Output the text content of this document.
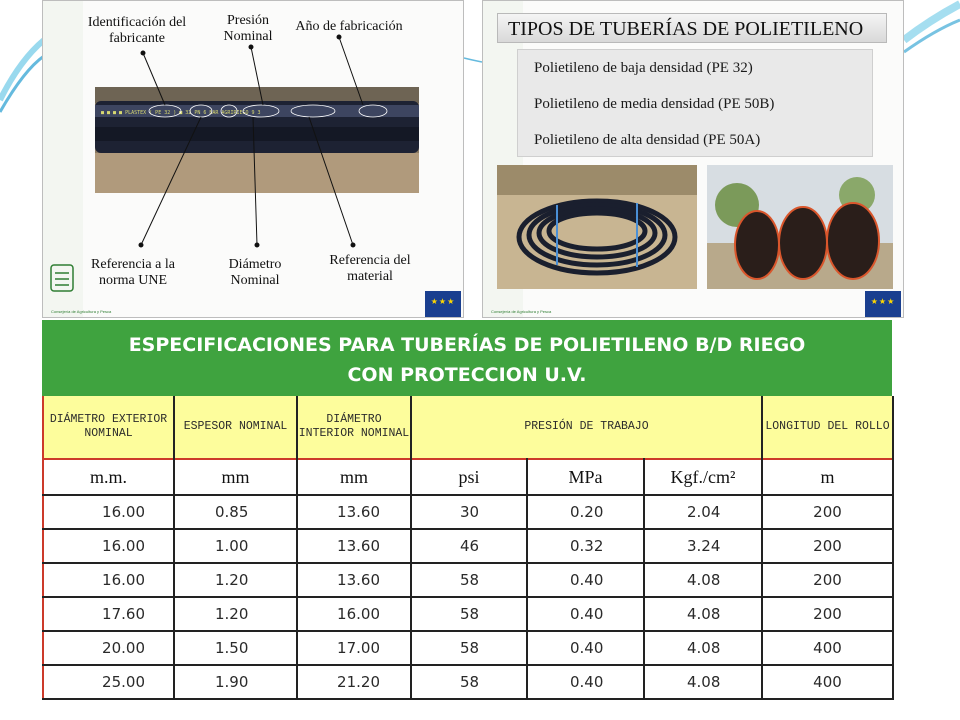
Identificación del fabricante
Presión Nominal
Año de fabricación
■ ■ ■ ■ PLASTEX ( PE 32 ) ■ 32 PN 6 BAR AGRIRIEGO 9 3
Referencia a la norma UNE
Diámetro Nominal
Referencia del material
Consejería de Agricultura y Pesca
★★★
TIPOS DE TUBERÍAS DE POLIETILENO
Polietileno de baja densidad (PE 32)
Polietileno de media densidad (PE 50B)
Polietileno de alta densidad (PE 50A)
Consejería de Agricultura y Pesca
★★★
ESPECIFICACIONES PARA TUBERÍAS DE POLIETILENO B/D RIEGO
CON PROTECCION U.V.
DIÁMETRO EXTERIOR NOMINAL	ESPESOR NOMINAL	DIÁMETRO INTERIOR NOMINAL	PRESIÓN DE TRABAJO			LONGITUD DEL ROLLO
m.m.	mm	mm	psi	MPa	Kgf./cm²	m
16.00	0.85	13.60	30	0.20	2.04	200
16.00	1.00	13.60	46	0.32	3.24	200
16.00	1.20	13.60	58	0.40	4.08	200
17.60	1.20	16.00	58	0.40	4.08	200
20.00	1.50	17.00	58	0.40	4.08	400
25.00	1.90	21.20	58	0.40	4.08	400
